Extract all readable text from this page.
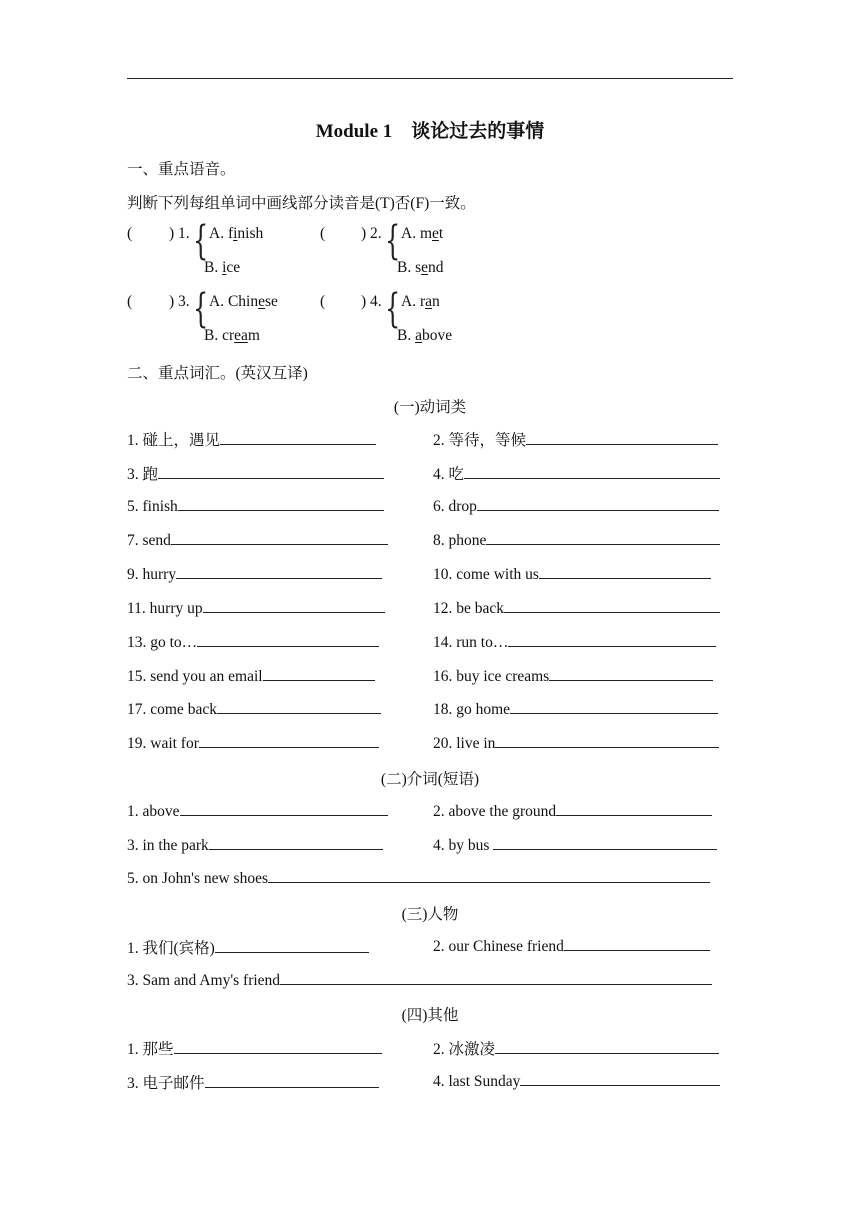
Module 1　谈论过去的事情
一、重点语音。
判断下列每组单词中画线部分读音是(T)否(F)一致。
( ) 1. { A. finish
B. ice
( ) 2. { A. met
B. send
( ) 3. { A. Chinese
B. cream
( ) 4. { A. ran
B. above
二、重点词汇。(英汉互译)
(一)动词类
1. 碰上，遇见	2. 等待，等候
3. 跑	4. 吃
5. finish	6. drop
7. send	8. phone
9. hurry	10. come with us
11. hurry up	12. be back
13. go to…	14. run to…
15. send you an email	16. buy ice creams
17. come back	18. go home
19. wait for	20. live in
(二)介词(短语)
1. above	2. above the ground
3. in the park	4. by bus
5. on John's new shoes
(三)人物
1. 我们(宾格)	2. our Chinese friend
3. Sam and Amy's friend
(四)其他
1. 那些	2. 冰激凌
3. 电子邮件	4. last Sunday
